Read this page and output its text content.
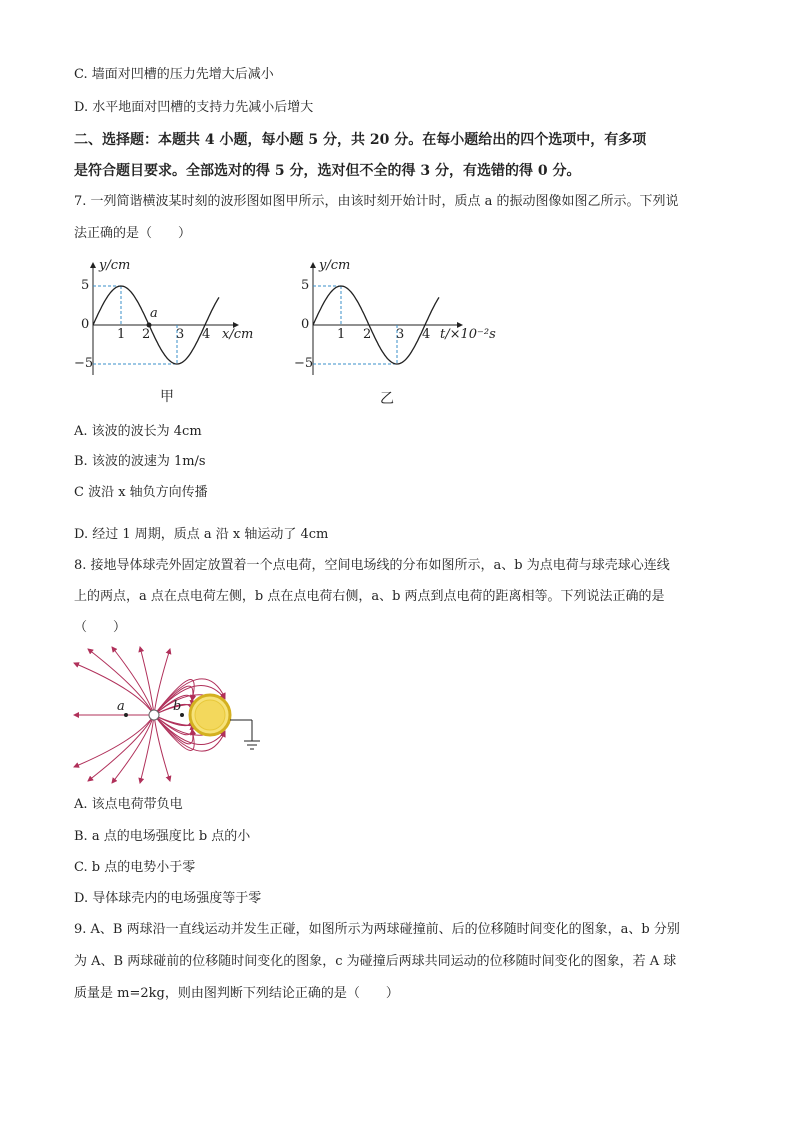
C. 墙面对凹槽的压力先增大后减小
D. 水平地面对凹槽的支持力先减小后增大
二、选择题：本题共 4 小题，每小题 5 分，共 20 分。在每小题给出的四个选项中，有多项
是符合题目要求。全部选对的得 5 分，选对但不全的得 3 分，有选错的得 0 分。
7. 一列简谐横波某时刻的波形图如图甲所示，由该时刻开始计时，质点 a 的振动图像如图乙所示。下列说
法正确的是（　　）
y/cm
5
0
−5
1 2 3 4 x/cm
a
甲
y/cm
5
0
−5
1 2 3 4 t/×10⁻²s
乙
A. 该波的波长为 4cm
B. 该波的波速为 1m/s
C 波沿 x 轴负方向传播
D. 经过 1 周期，质点 a 沿 x 轴运动了 4cm
8. 接地导体球壳外固定放置着一个点电荷，空间电场线的分布如图所示，a、b 为点电荷与球壳球心连线
上的两点，a 点在点电荷左侧，b 点在点电荷右侧，a、b 两点到点电荷的距离相等。下列说法正确的是
（　　）
a	b
A. 该点电荷带负电
B. a 点的电场强度比 b 点的小
C. b 点的电势小于零
D. 导体球壳内的电场强度等于零
9. A、B 两球沿一直线运动并发生正碰，如图所示为两球碰撞前、后的位移随时间变化的图象，a、b 分别
为 A、B 两球碰前的位移随时间变化的图象，c 为碰撞后两球共同运动的位移随时间变化的图象，若 A 球
质量是 m=2kg，则由图判断下列结论正确的是（　　）
